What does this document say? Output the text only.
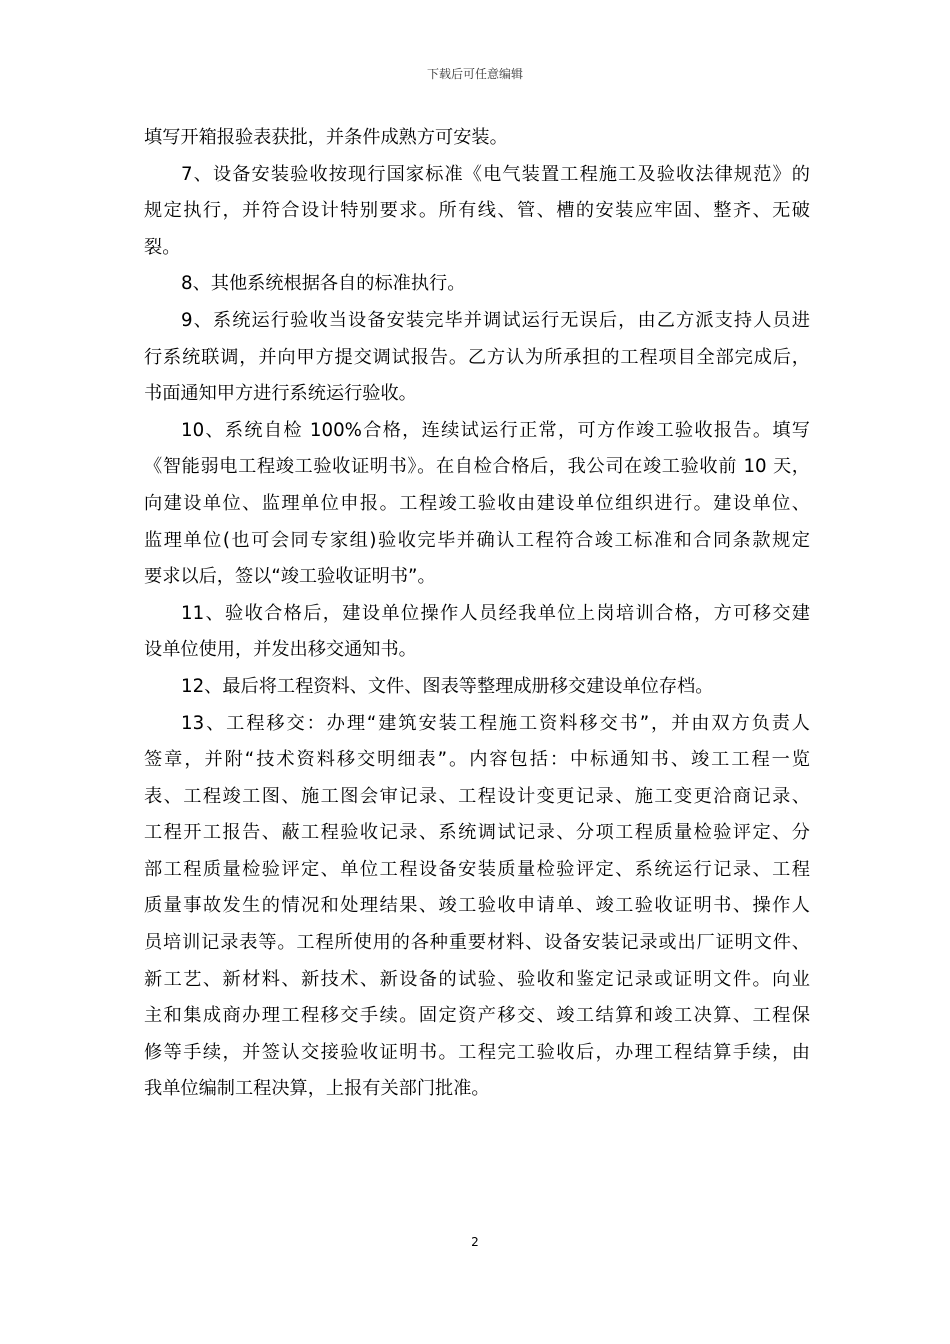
下载后可任意编辑
填写开箱报验表获批，并条件成熟方可安装。
7、设备安装验收按现行国家标准《电气装置工程施工及验收法律规范》的
规定执行，并符合设计特别要求。所有线、管、槽的安装应牢固、整齐、无破
裂。
8、其他系统根据各自的标准执行。
9、系统运行验收当设备安装完毕并调试运行无误后，由乙方派支持人员进
行系统联调，并向甲方提交调试报告。乙方认为所承担的工程项目全部完成后，
书面通知甲方进行系统运行验收。
10、系统自检 100%合格，连续试运行正常，可方作竣工验收报告。填写
《智能弱电工程竣工验收证明书》。在自检合格后，我公司在竣工验收前 10 天，
向建设单位、监理单位申报。工程竣工验收由建设单位组织进行。建设单位、
监理单位(也可会同专家组)验收完毕并确认工程符合竣工标准和合同条款规定
要求以后，签以“竣工验收证明书”。
11、验收合格后，建设单位操作人员经我单位上岗培训合格，方可移交建
设单位使用，并发出移交通知书。
12、最后将工程资料、文件、图表等整理成册移交建设单位存档。
13、工程移交：办理“建筑安装工程施工资料移交书”，并由双方负责人
签章，并附“技术资料移交明细表”。内容包括：中标通知书、竣工工程一览
表、工程竣工图、施工图会审记录、工程设计变更记录、施工变更洽商记录、
工程开工报告、蔽工程验收记录、系统调试记录、分项工程质量检验评定、分
部工程质量检验评定、单位工程设备安装质量检验评定、系统运行记录、工程
质量事故发生的情况和处理结果、竣工验收申请单、竣工验收证明书、操作人
员培训记录表等。工程所使用的各种重要材料、设备安装记录或出厂证明文件、
新工艺、新材料、新技术、新设备的试验、验收和鉴定记录或证明文件。向业
主和集成商办理工程移交手续。固定资产移交、竣工结算和竣工决算、工程保
修等手续，并签认交接验收证明书。工程完工验收后，办理工程结算手续，由
我单位编制工程决算，上报有关部门批准。
2
